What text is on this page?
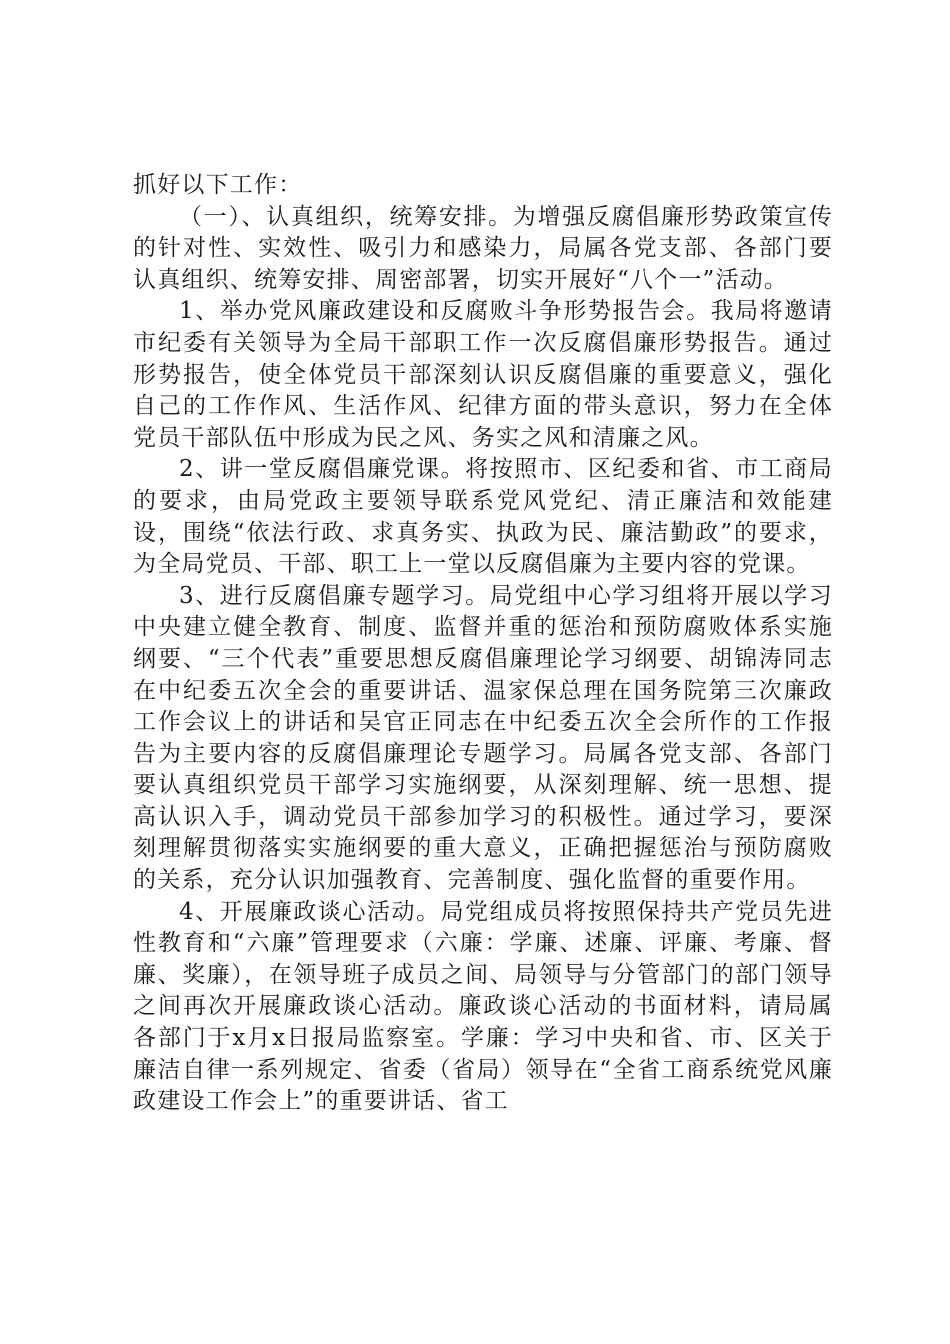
抓好以下工作：

（一）、认真组织，统筹安排。为增强反腐倡廉形势政策宣传的针对性、实效性、吸引力和感染力，局属各党支部、各部门要认真组织、统筹安排、周密部署，切实开展好“八个一”活动。

1、举办党风廉政建设和反腐败斗争形势报告会。我局将邀请市纪委有关领导为全局干部职工作一次反腐倡廉形势报告。通过形势报告，使全体党员干部深刻认识反腐倡廉的重要意义，强化自己的工作作风、生活作风、纪律方面的带头意识，努力在全体党员干部队伍中形成为民之风、务实之风和清廉之风。

2、讲一堂反腐倡廉党课。将按照市、区纪委和省、市工商局的要求，由局党政主要领导联系党风党纪、清正廉洁和效能建设，围绕“依法行政、求真务实、执政为民、廉洁勤政”的要求，为全局党员、干部、职工上一堂以反腐倡廉为主要内容的党课。

3、进行反腐倡廉专题学习。局党组中心学习组将开展以学习中央建立健全教育、制度、监督并重的惩治和预防腐败体系实施纲要、“三个代表”重要思想反腐倡廉理论学习纲要、胡锦涛同志在中纪委五次全会的重要讲话、温家保总理在国务院第三次廉政工作会议上的讲话和吴官正同志在中纪委五次全会所作的工作报告为主要内容的反腐倡廉理论专题学习。局属各党支部、各部门要认真组织党员干部学习实施纲要，从深刻理解、统一思想、提高认识入手，调动党员干部参加学习的积极性。通过学习，要深刻理解贯彻落实实施纲要的重大意义，正确把握惩治与预防腐败的关系，充分认识加强教育、完善制度、强化监督的重要作用。

4、开展廉政谈心活动。局党组成员将按照保持共产党员先进性教育和“六廉”管理要求（六廉：学廉、述廉、评廉、考廉、督廉、奖廉），在领导班子成员之间、局领导与分管部门的部门领导之间再次开展廉政谈心活动。廉政谈心活动的书面材料，请局属各部门于x月x日报局监察室。学廉：学习中央和省、市、区关于廉洁自律一系列规定、省委（省局）领导在“全省工商系统党风廉政建设工作会上”的重要讲话、省工
